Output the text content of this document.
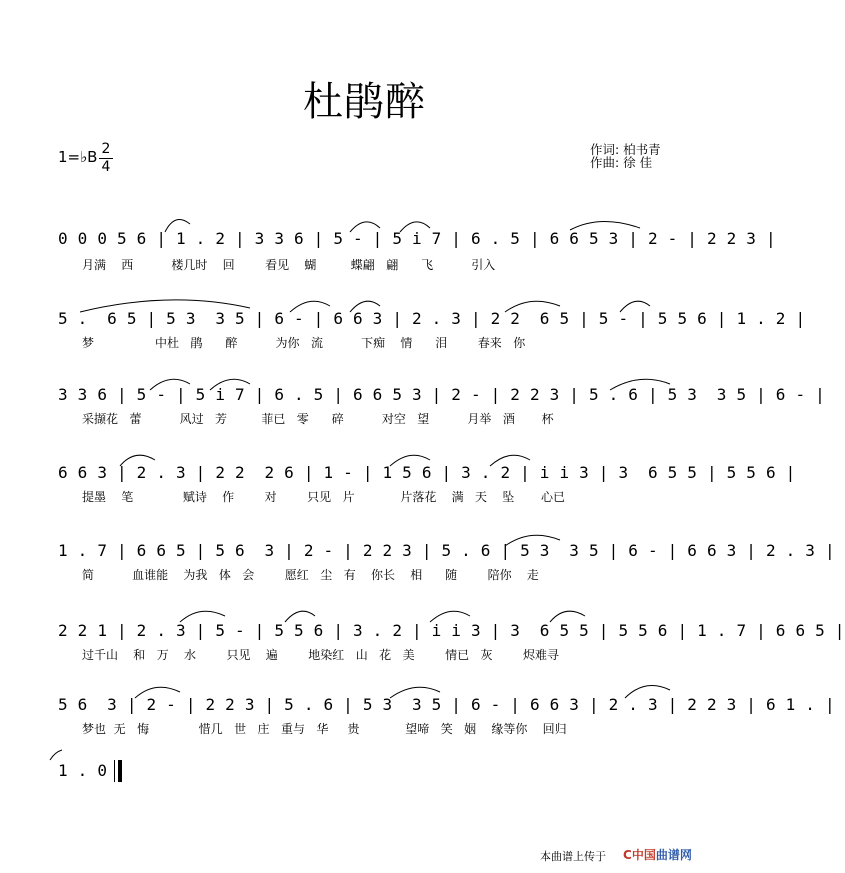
杜鹃醉
1=♭B 2
4
作词: 柏书青
作曲: 徐 佳
0 0 0 5 6 | 1 . 2 | 3 3 6 | 5 - | 5 i 7 | 6 . 5 | 6 6 5 3 | 2 - | 2 2 3 |
月满    西          楼几时    回        看见    蝴         蝶翩   翩      飞          引入
5 .  6 5 | 5 3  3 5 | 6 - | 6 6 3 | 2 . 3 | 2 2  6 5 | 5 - | 5 5 6 | 1 . 2 |
梦                中杜   鹃      醉          为你   流          下痴    情      泪        春来   你
3 3 6 | 5 - | 5 i 7 | 6 . 5 | 6 6 5 3 | 2 - | 2 2 3 | 5 . 6 | 5 3  3 5 | 6 - |
采撷花   蕾          风过   芳         菲已   零      碎          对空   望          月举   酒       杯
6 6 3 | 2 . 3 | 2 2  2 6 | 1 - | 1 5 6 | 3 . 2 | i i 3 | 3  6 5 5 | 5 5 6 |
提墨    笔             赋诗    作        对        只见   片            片落花    满   天    坠       心已
1 . 7 | 6 6 5 | 5 6  3 | 2 - | 2 2 3 | 5 . 6 | 5 3  3 5 | 6 - | 6 6 3 | 2 . 3 |
简          血谁能    为我   体   会        愿红   尘   有    你长    相      随        陪你    走
2 2 1 | 2 . 3 | 5 - | 5 5 6 | 3 . 2 | i i 3 | 3  6 5 5 | 5 5 6 | 1 . 7 | 6 6 5 |
过千山    和   万    水        只见    遍        地染红   山   花   美        情已   灰        烬难寻
5 6  3 | 2 - | 2 2 3 | 5 . 6 | 5 3  3 5 | 6 - | 6 6 3 | 2 . 3 | 2 2 3 | 6 1 . |
梦也  无   悔             惜几   世   庄   重与   华     贵            望啼   笑   姻    缘等你    回归
1 . 0
本曲谱上传于 C中国曲谱网
